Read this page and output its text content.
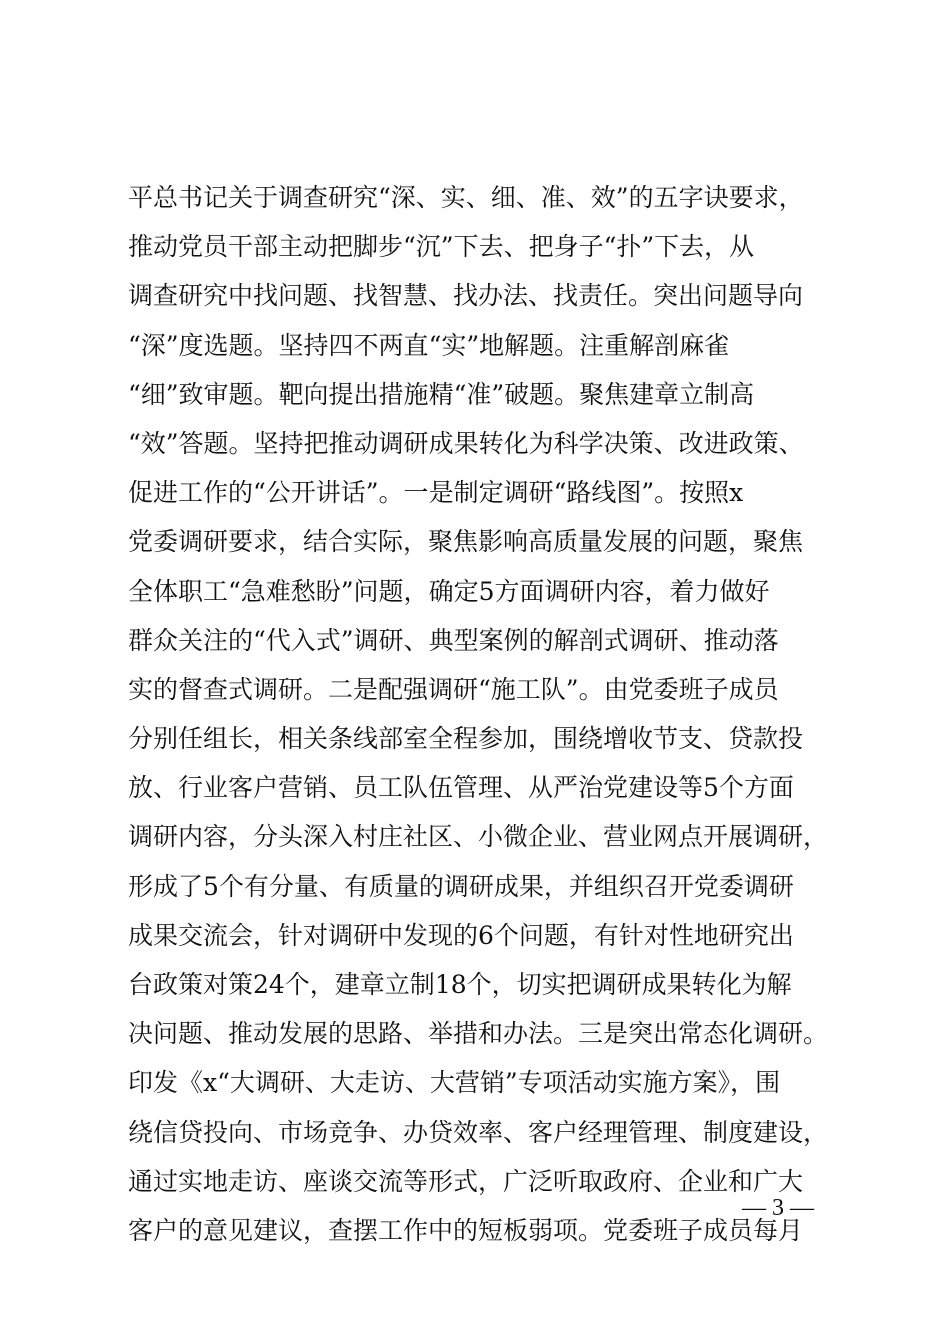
平总书记关于调查研究“深、实、细、准、效”的五字诀要求，

推动党员干部主动把脚步“沉”下去、把身子“扑”下去，从

调查研究中找问题、找智慧、找办法、找责任。突出问题导向

“深”度选题。坚持四不两直“实”地解题。注重解剖麻雀

“细”致审题。靶向提出措施精“准”破题。聚焦建章立制高

“效”答题。坚持把推动调研成果转化为科学决策、改进政策、

促进工作的“公开讲话”。一是制定调研“路线图”。按照x

党委调研要求，结合实际，聚焦影响高质量发展的问题，聚焦

全体职工“急难愁盼”问题，确定5方面调研内容，着力做好

群众关注的“代入式”调研、典型案例的解剖式调研、推动落

实的督查式调研。二是配强调研“施工队”。由党委班子成员

分别任组长，相关条线部室全程参加，围绕增收节支、贷款投

放、行业客户营销、员工队伍管理、从严治党建设等5个方面

调研内容，分头深入村庄社区、小微企业、营业网点开展调研，

形成了5个有分量、有质量的调研成果，并组织召开党委调研

成果交流会，针对调研中发现的6个问题，有针对性地研究出

台政策对策24个，建章立制18个，切实把调研成果转化为解

决问题、推动发展的思路、举措和办法。三是突出常态化调研。

印发《x“大调研、大走访、大营销”专项活动实施方案》，围

绕信贷投向、市场竞争、办贷效率、客户经理管理、制度建设，

通过实地走访、座谈交流等形式，广泛听取政府、企业和广大

客户的意见建议，查摆工作中的短板弱项。党委班子成员每月

— 3 —
